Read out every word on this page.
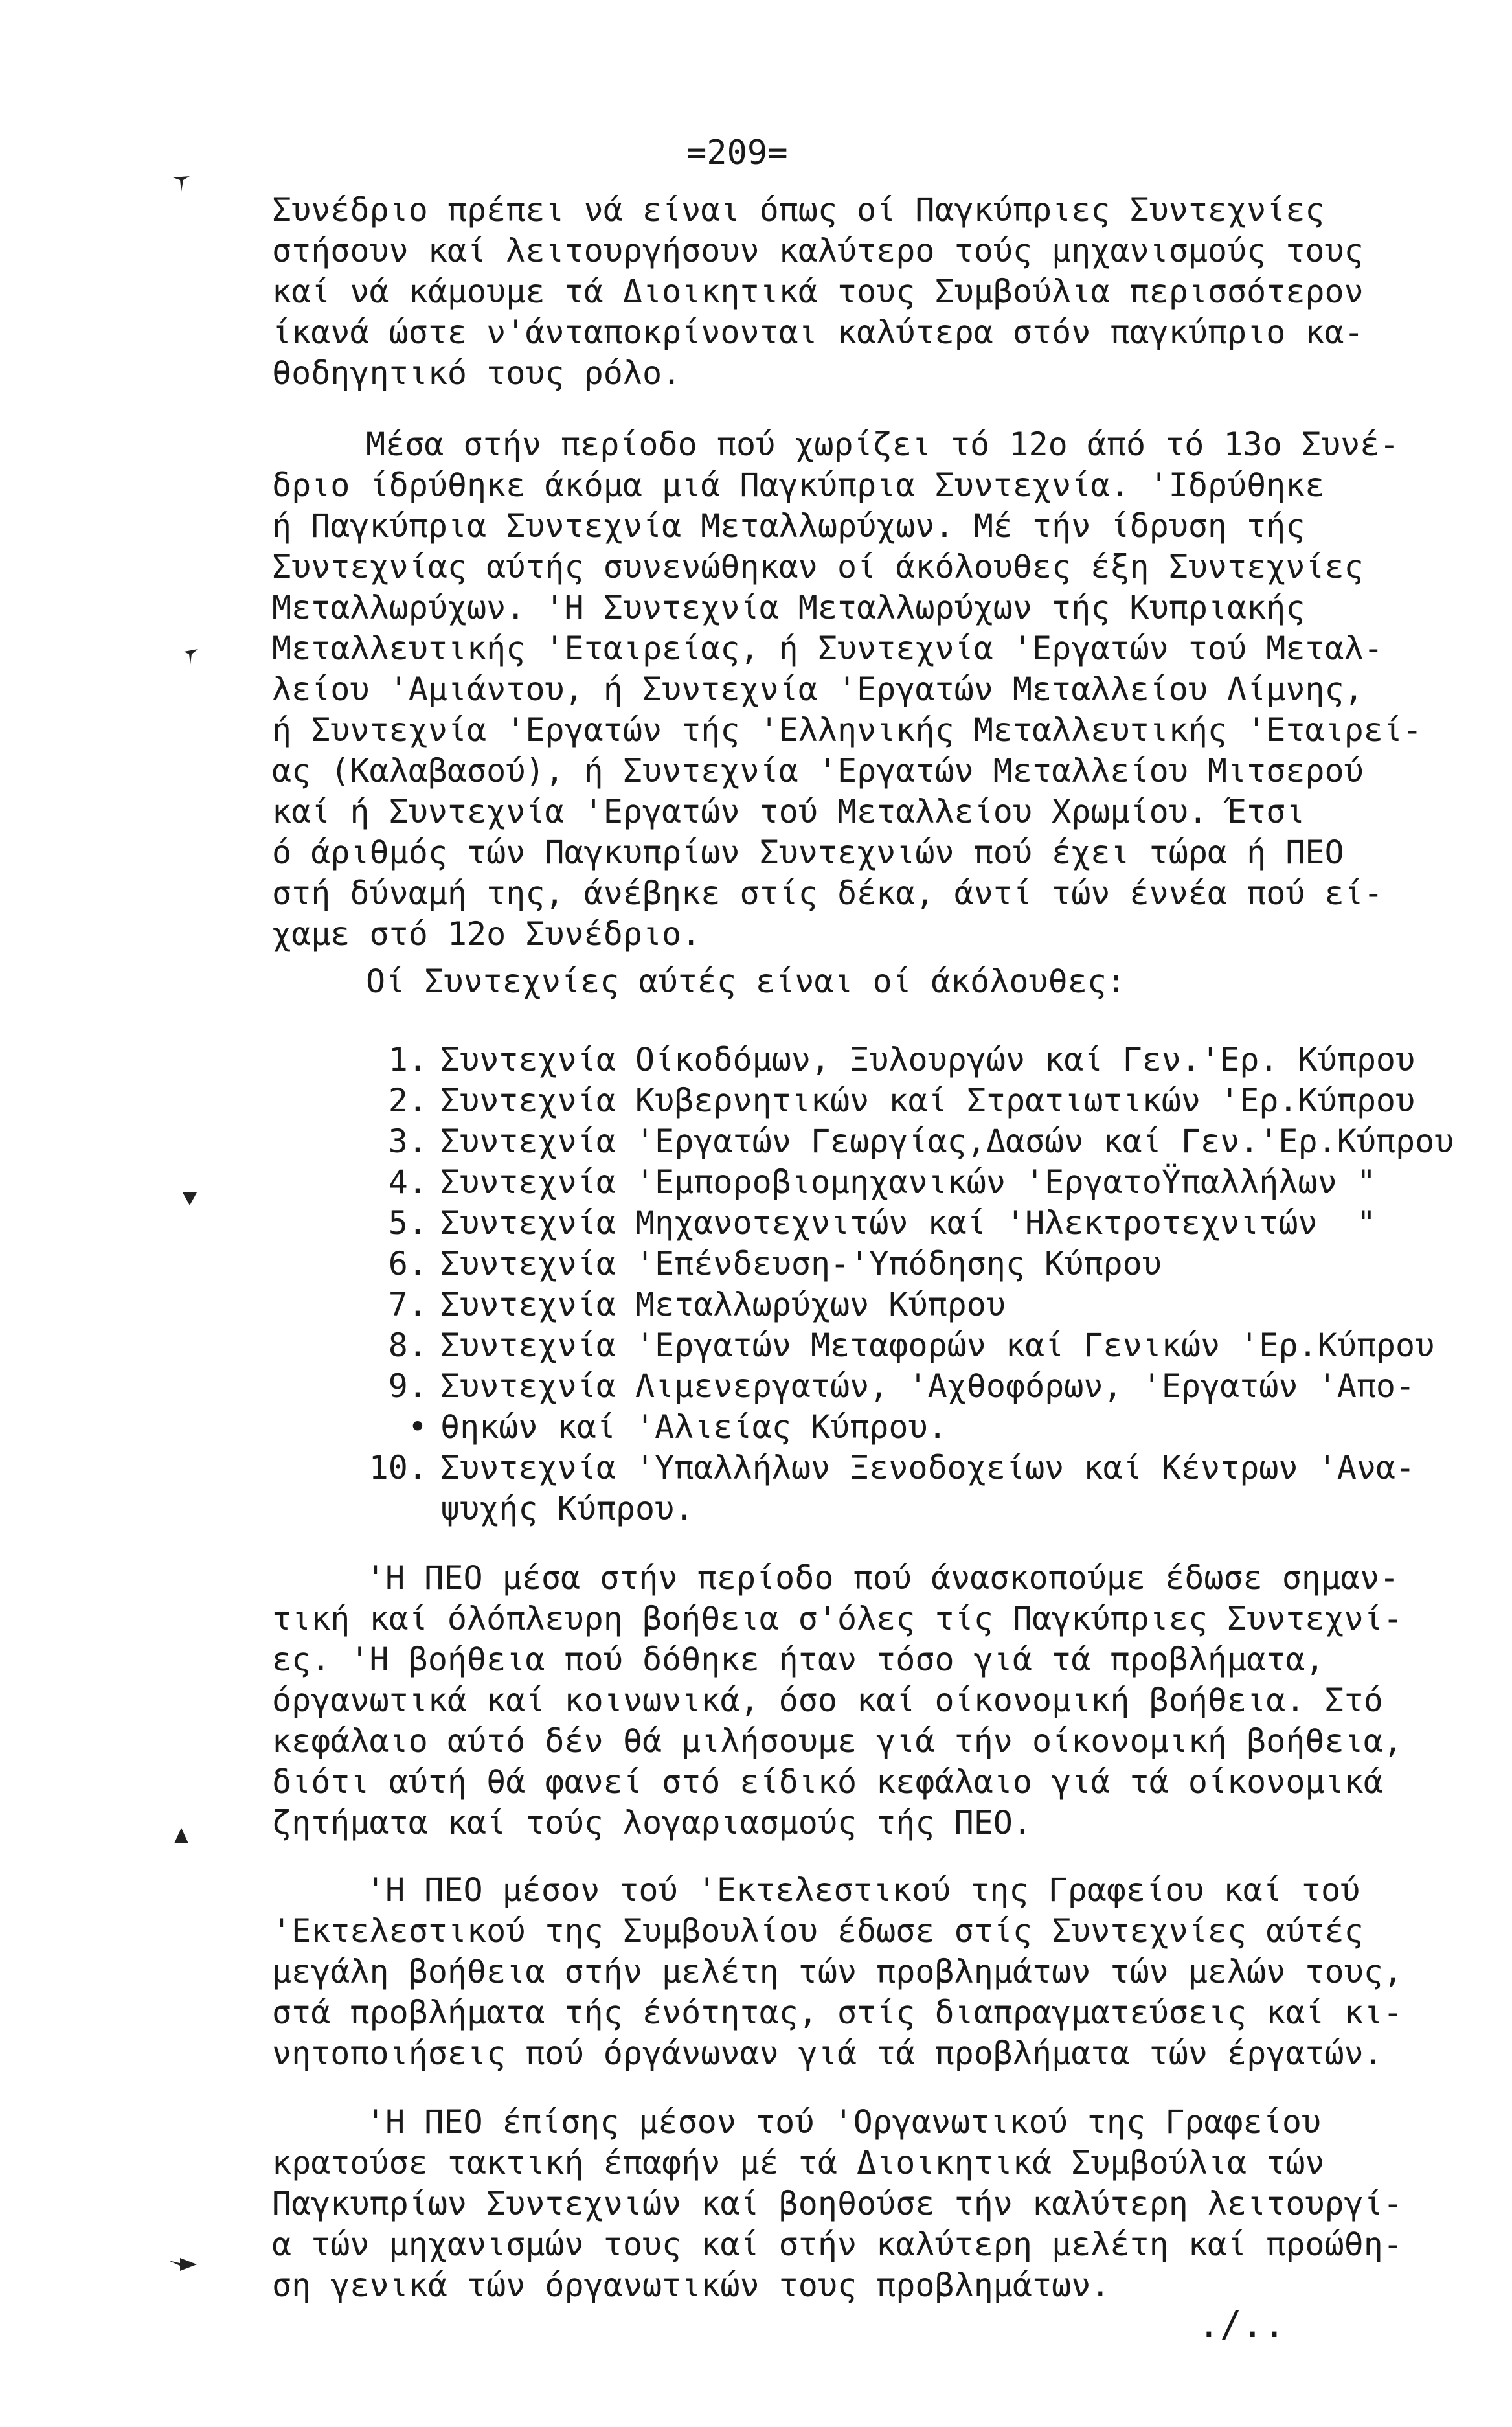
=209=
Συνέδριο πρέπει νά είναι όπως οί Παγκύπριες Συντεχνίες
στήσουν καί λειτουργήσουν καλύτερο τούς μηχανισμούς τους
καί νά κάμουμε τά Διοικητικά τους Συμβούλια περισσότερον
ίκανά ώστε ν'άνταποκρίνονται καλύτερα στόν παγκύπριο κα-
θοδηγητικό τους ρόλο.
Μέσα στήν περίοδο πού χωρίζει τό 12ο άπό τό 13ο Συνέ-
δριο ίδρύθηκε άκόμα μιά Παγκύπρια Συντεχνία. 'Ιδρύθηκε
ή Παγκύπρια Συντεχνία Μεταλλωρύχων. Μέ τήν ίδρυση τής
Συντεχνίας αύτής συνενώθηκαν οί άκόλουθες έξη Συντεχνίες
Μεταλλωρύχων. 'Η Συντεχνία Μεταλλωρύχων τής Κυπριακής
Μεταλλευτικής 'Εταιρείας, ή Συντεχνία 'Εργατών τού Μεταλ-
λείου 'Αμιάντου, ή Συντεχνία 'Εργατών Μεταλλείου Λίμνης,
ή Συντεχνία 'Εργατών τής 'Ελληνικής Μεταλλευτικής 'Εταιρεί-
ας (Καλαβασού), ή Συντεχνία 'Εργατών Μεταλλείου Μιτσερού
καί ή Συντεχνία 'Εργατών τού Μεταλλείου Χρωμίου. Έτσι
ό άριθμός τών Παγκυπρίων Συντεχνιών πού έχει τώρα ή ΠΕΟ
στή δύναμή της, άνέβηκε στίς δέκα, άντί τών έννέα πού εί-
χαμε στό 12ο Συνέδριο.
Οί Συντεχνίες αύτές είναι οί άκόλουθες:
1. Συντεχνία Οίκοδόμων, Ξυλουργών καί Γεν.'Ερ. Κύπρου
2. Συντεχνία Κυβερνητικών καί Στρατιωτικών 'Ερ.Κύπρου
3. Συντεχνία 'Εργατών Γεωργίας,Δασών καί Γεν.'Ερ.Κύπρου
4. Συντεχνία 'Εμποροβιομηχανικών 'ΕργατοΫπαλλήλων "
5. Συντεχνία Μηχανοτεχνιτών καί 'Ηλεκτροτεχνιτών  "
6. Συντεχνία 'Επένδευση-'Υπόδησης Κύπρου
7. Συντεχνία Μεταλλωρύχων Κύπρου
8. Συντεχνία 'Εργατών Μεταφορών καί Γενικών 'Ερ.Κύπρου
9. Συντεχνία Λιμενεργατών, 'Αχθοφόρων, 'Εργατών 'Απο-
• θηκών καί 'Αλιείας Κύπρου.
10. Συντεχνία 'Υπαλλήλων Ξενοδοχείων καί Κέντρων 'Ανα-
ψυχής Κύπρου.
'Η ΠΕΟ μέσα στήν περίοδο πού άνασκοπούμε έδωσε σημαν-
τική καί όλόπλευρη βοήθεια σ'όλες τίς Παγκύπριες Συντεχνί-
ες. 'Η βοήθεια πού δόθηκε ήταν τόσο γιά τά προβλήματα,
όργανωτικά καί κοινωνικά, όσο καί οίκονομική βοήθεια. Στό
κεφάλαιο αύτό δέν θά μιλήσουμε γιά τήν οίκονομική βοήθεια,
διότι αύτή θά φανεί στό είδικό κεφάλαιο γιά τά οίκονομικά
ζητήματα καί τούς λογαριασμούς τής ΠΕΟ.
'Η ΠΕΟ μέσον τού 'Εκτελεστικού της Γραφείου καί τού
'Εκτελεστικού της Συμβουλίου έδωσε στίς Συντεχνίες αύτές
μεγάλη βοήθεια στήν μελέτη τών προβλημάτων τών μελών τους,
στά προβλήματα τής ένότητας, στίς διαπραγματεύσεις καί κι-
νητοποιήσεις πού όργάνωναν γιά τά προβλήματα τών έργατών.
'Η ΠΕΟ έπίσης μέσον τού 'Οργανωτικού της Γραφείου
κρατούσε τακτική έπαφήν μέ τά Διοικητικά Συμβούλια τών
Παγκυπρίων Συντεχνιών καί βοηθούσε τήν καλύτερη λειτουργί-
α τών μηχανισμών τους καί στήν καλύτερη μελέτη καί προώθη-
ση γενικά τών όργανωτικών τους προβλημάτων.
./..
